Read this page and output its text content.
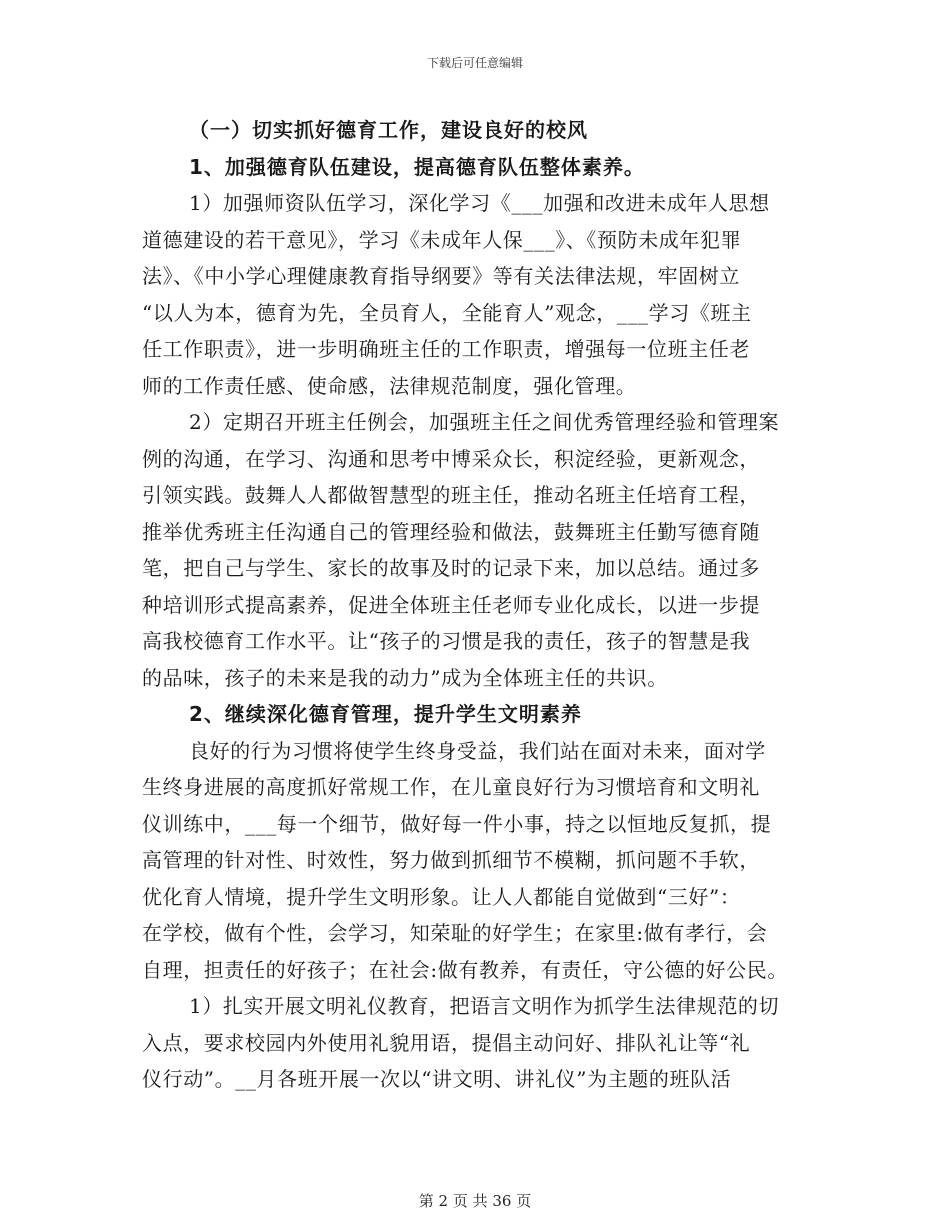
下载后可任意编辑
（一）切实抓好德育工作，建设良好的校风
1、加强德育队伍建设，提高德育队伍整体素养。
1）加强师资队伍学习，深化学习《___加强和改进未成年人思想
道德建设的若干意见》，学习《未成年人保___》、《预防未成年犯罪
法》、《中小学心理健康教育指导纲要》等有关法律法规，牢固树立
“以人为本，德育为先，全员育人，全能育人”观念，___学习《班主
任工作职责》，进一步明确班主任的工作职责，增强每一位班主任老
师的工作责任感、使命感，法律规范制度，强化管理。
2）定期召开班主任例会，加强班主任之间优秀管理经验和管理案
例的沟通，在学习、沟通和思考中博采众长，积淀经验，更新观念，
引领实践。鼓舞人人都做智慧型的班主任，推动名班主任培育工程，
推举优秀班主任沟通自己的管理经验和做法，鼓舞班主任勤写德育随
笔，把自己与学生、家长的故事及时的记录下来，加以总结。通过多
种培训形式提高素养，促进全体班主任老师专业化成长，以进一步提
高我校德育工作水平。让“孩子的习惯是我的责任，孩子的智慧是我
的品味，孩子的未来是我的动力”成为全体班主任的共识。
2、继续深化德育管理，提升学生文明素养
良好的行为习惯将使学生终身受益，我们站在面对未来，面对学
生终身进展的高度抓好常规工作，在儿童良好行为习惯培育和文明礼
仪训练中，___每一个细节，做好每一件小事，持之以恒地反复抓，提
高管理的针对性、时效性，努力做到抓细节不模糊，抓问题不手软，
优化育人情境，提升学生文明形象。让人人都能自觉做到“三好”：
在学校，做有个性，会学习，知荣耻的好学生；在家里:做有孝行，会
自理，担责任的好孩子；在社会:做有教养，有责任，守公德的好公民。
1）扎实开展文明礼仪教育，把语言文明作为抓学生法律规范的切
入点，要求校园内外使用礼貌用语，提倡主动问好、排队礼让等“礼
仪行动”。__月各班开展一次以“讲文明、讲礼仪”为主题的班队活
第 2 页 共 36 页
